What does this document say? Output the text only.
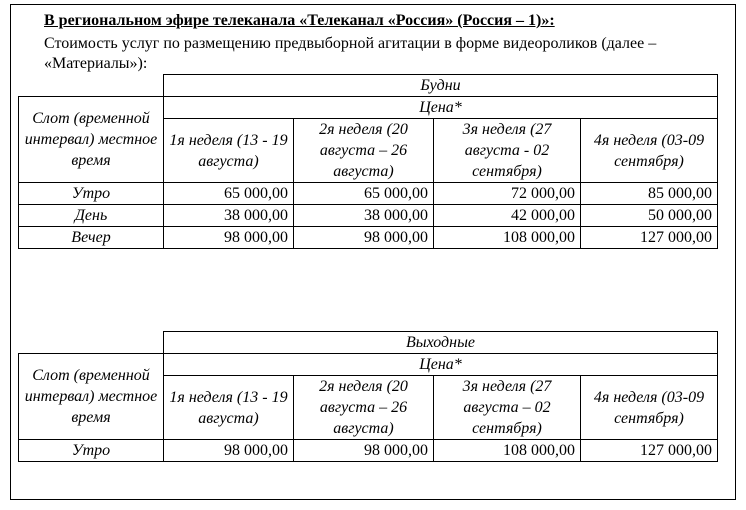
В региональном эфире телеканала «Телеканал «Россия» (Россия – 1)»:
Стоимость услуг по размещению предвыборной агитации в форме видеороликов (далее – «Материалы»):
	Будни			
Слот (временной интервал) местное время	Цена*			
	1я неделя (13 - 19 августа)	2я неделя (20 августа – 26 августа)	3я неделя (27 августа - 02 сентября)	4я неделя (03-09 сентября)
Утро	65 000,00	65 000,00	72 000,00	85 000,00
День	38 000,00	38 000,00	42 000,00	50 000,00
Вечер	98 000,00	98 000,00	108 000,00	127 000,00
	Выходные			
Слот (временной интервал) местное время	Цена*			
	1я неделя (13 - 19 августа)	2я неделя (20 августа – 26 августа)	3я неделя (27 августа – 02 сентября)	4я неделя (03-09 сентября)
Утро	98 000,00	98 000,00	108 000,00	127 000,00
